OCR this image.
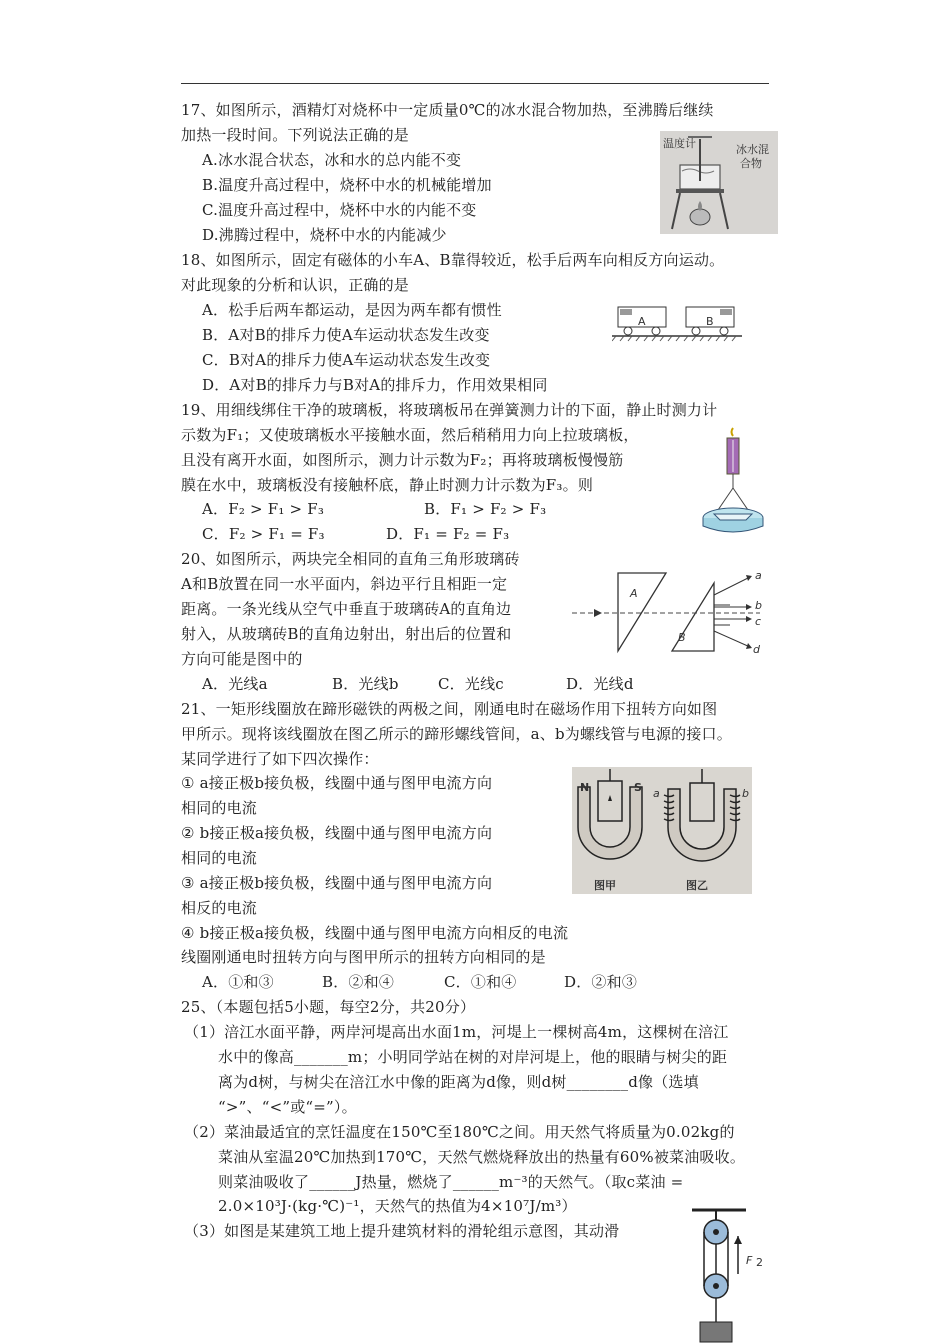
17、如图所示，酒精灯对烧杯中一定质量0℃的冰水混合物加热，至沸腾后继续
加热一段时间。下列说法正确的是
A.冰水混合状态，冰和水的总内能不变
B.温度升高过程中，烧杯中水的机械能增加
C.温度升高过程中，烧杯中水的内能不变
D.沸腾过程中，烧杯中水的内能减少
温度计	冰水混
合物
18、如图所示，固定有磁体的小车A、B靠得较近，松手后两车向相反方向运动。
对此现象的分析和认识，正确的是
A．松手后两车都运动，是因为两车都有惯性
B．A对B的排斥力使A车运动状态发生改变
C．B对A的排斥力使A车运动状态发生改变
D．A对B的排斥力与B对A的排斥力，作用效果相同
A	B
19、用细线绑住干净的玻璃板，将玻璃板吊在弹簧测力计的下面，静止时测力计
示数为F₁；又使玻璃板水平接触水面，然后稍稍用力向上拉玻璃板，
且没有离开水面，如图所示，测力计示数为F₂；再将玻璃板慢慢筋
膜在水中，玻璃板没有接触杯底，静止时测力计示数为F₃。则
A．F₂ > F₁ > F₃	B．F₁ > F₂ > F₃
C．F₂ > F₁ = F₃	D．F₁ = F₂ = F₃
20、如图所示，两块完全相同的直角三角形玻璃砖
A和B放置在同一水平面内，斜边平行且相距一定
距离。一条光线从空气中垂直于玻璃砖A的直角边
射入，从玻璃砖B的直角边射出，射出后的位置和
方向可能是图中的
A．光线a	B．光线b	C．光线c	D．光线d
A
B
a
b
c
d
21、一矩形线圈放在蹄形磁铁的两极之间，刚通电时在磁场作用下扭转方向如图
甲所示。现将该线圈放在图乙所示的蹄形螺线管间，a、b为螺线管与电源的接口。
某同学进行了如下四次操作：
① a接正极b接负极，线圈中通与图甲电流方向
相同的电流
② b接正极a接负极，线圈中通与图甲电流方向
相同的电流
③ a接正极b接负极，线圈中通与图甲电流方向
相反的电流
④ b接正极a接负极，线圈中通与图甲电流方向相反的电流
线圈刚通电时扭转方向与图甲所示的扭转方向相同的是
A．①和③	B．②和④	C．①和④	D．②和③
N	S a	b
图甲	图乙
25、（本题包括5小题，每空2分，共20分）
（1）涪江水面平静，两岸河堤高出水面1m，河堤上一棵树高4m，这棵树在涪江
水中的像高_______m；小明同学站在树的对岸河堤上，他的眼睛与树尖的距
离为d树，与树尖在涪江水中像的距离为d像，则d树________d像（选填
“>”、“<”或“=”）。
（2）菜油最适宜的烹饪温度在150℃至180℃之间。用天然气将质量为0.02kg的
菜油从室温20℃加热到170℃，天然气燃烧释放出的热量有60%被菜油吸收。
则菜油吸收了______J热量，燃烧了______m⁻³的天然气。（取c菜油 =
2.0×10³J·(kg·℃)⁻¹，天然气的热值为4×10⁷J/m³）
（3）如图是某建筑工地上提升建筑材料的滑轮组示意图，其动滑
F 2
